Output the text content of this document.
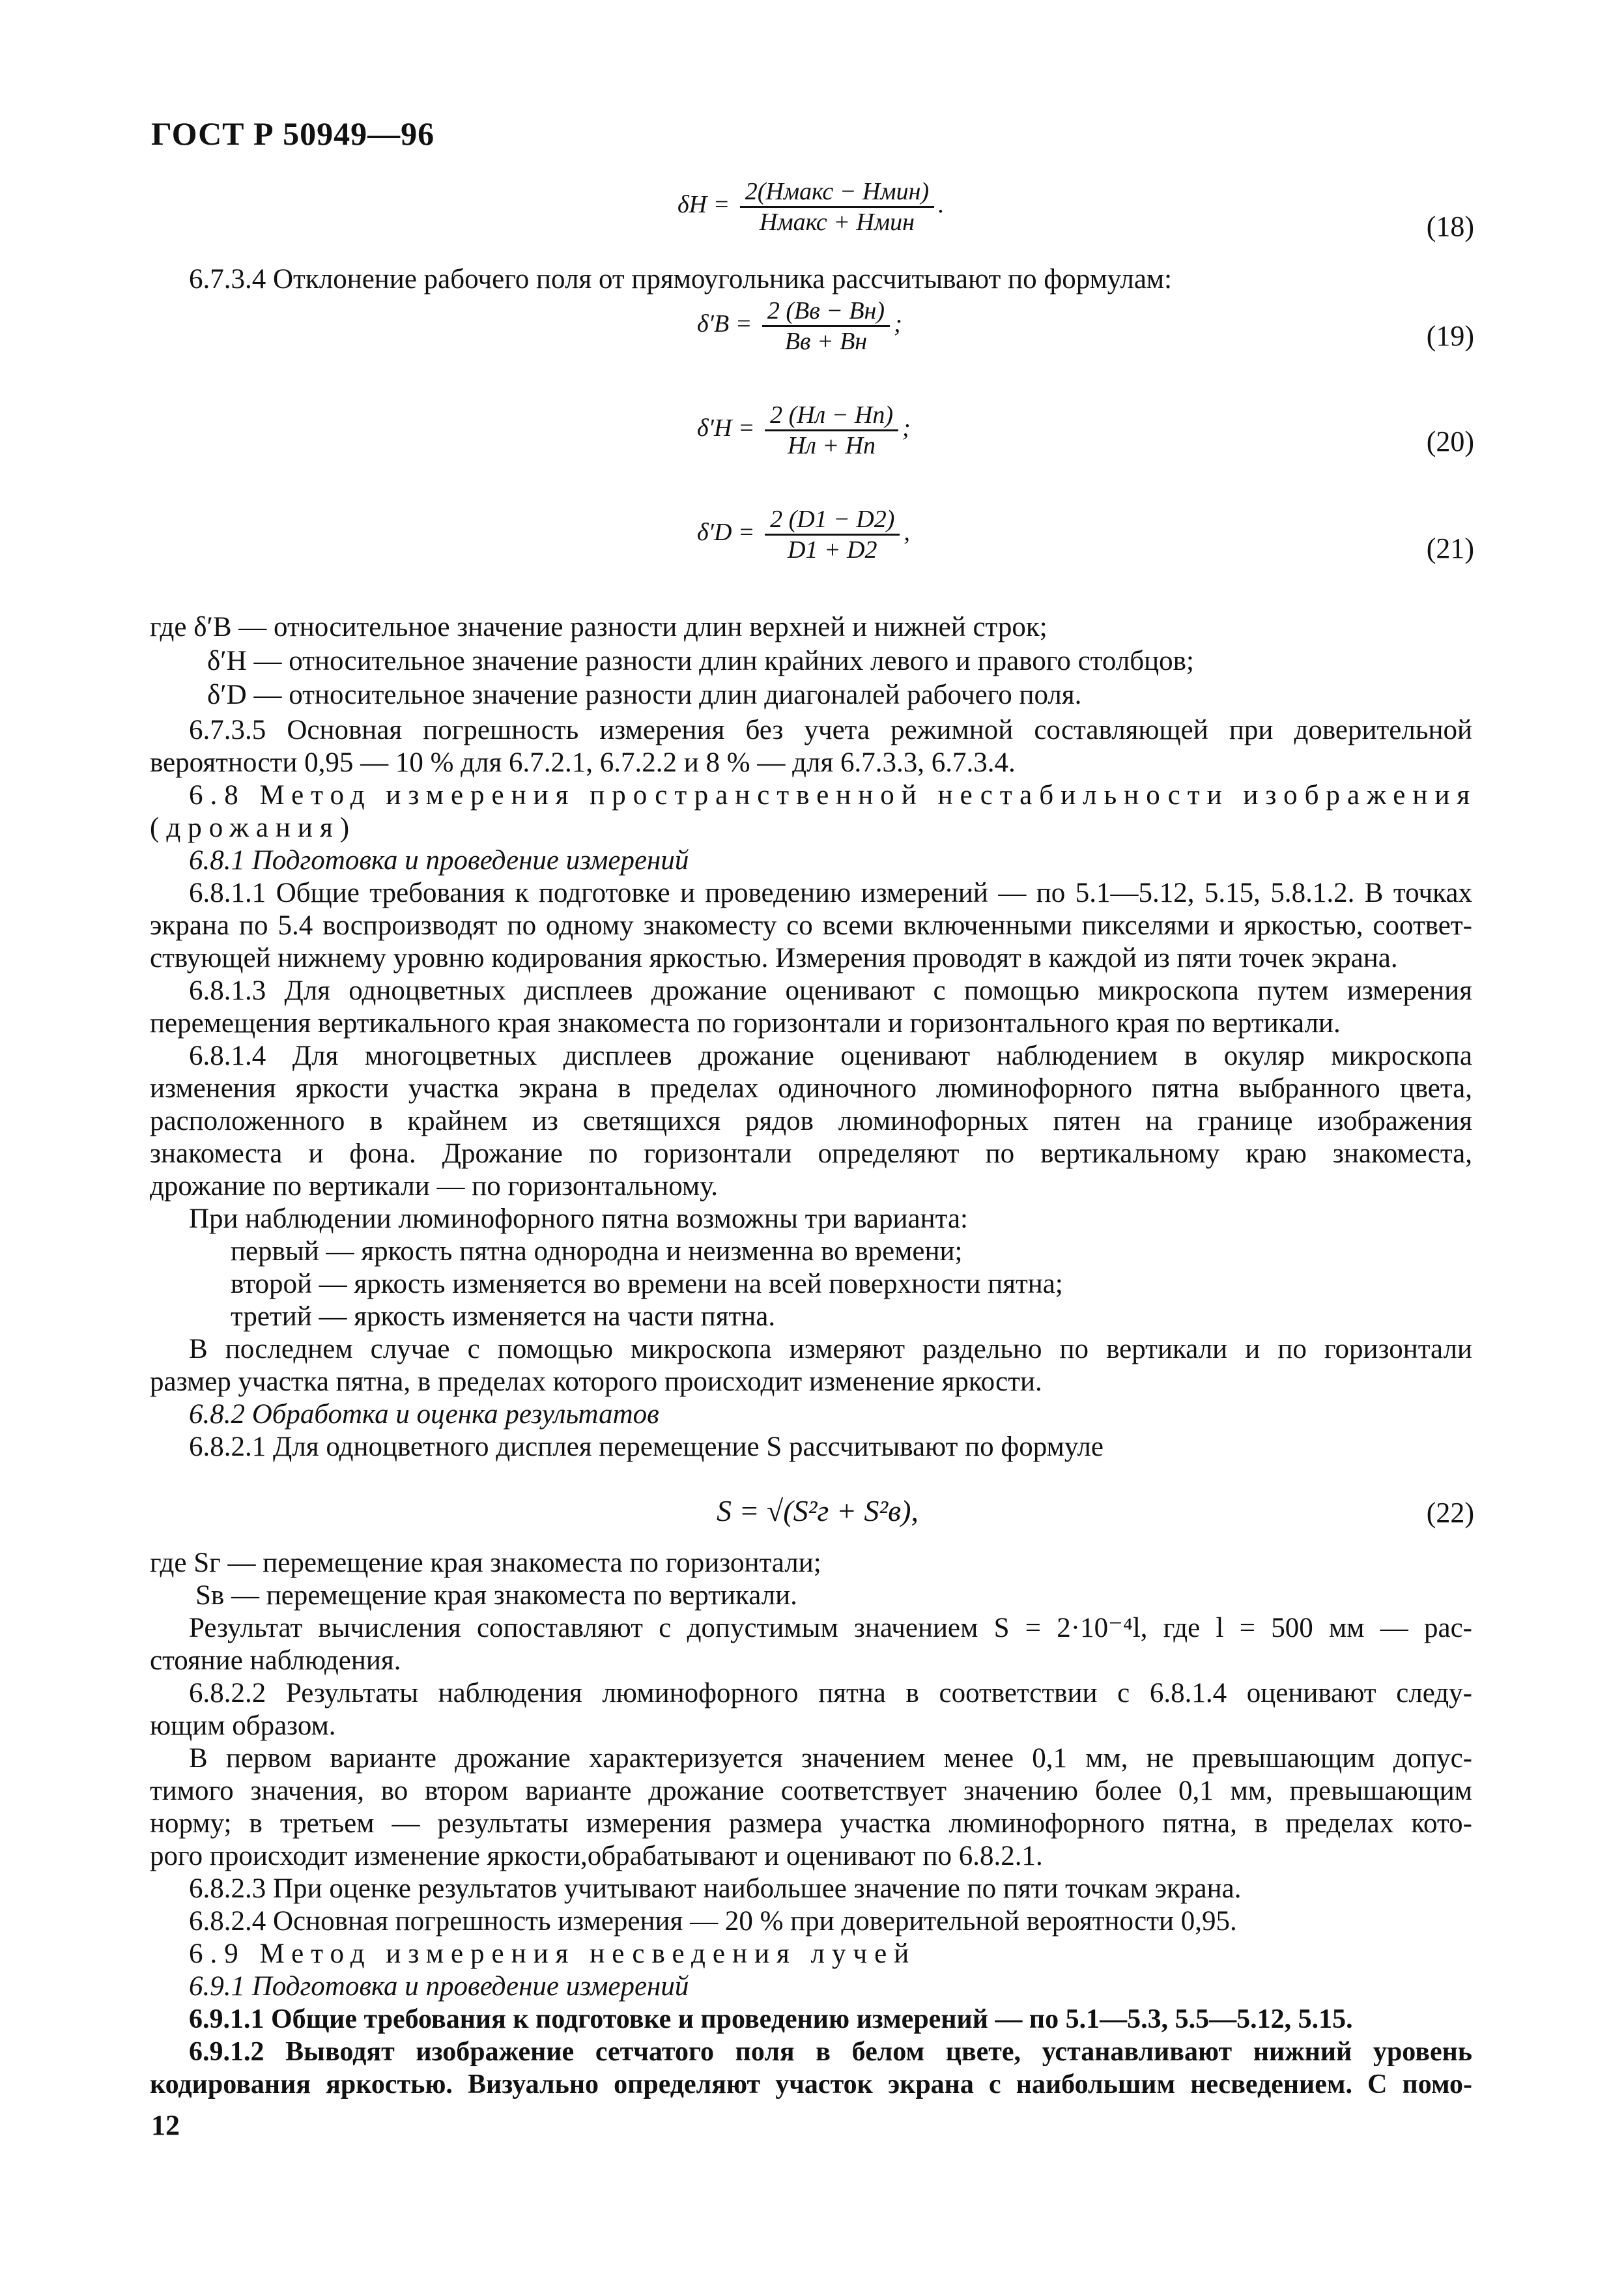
ГОСТ Р 50949—96
$\delta H = \frac{\text{2(Hмакс − Hмин)}}{\text{Hмакс + Hмин}}$ .
(18)
6.7.3.4 Отклонение рабочего поля от прямоугольника рассчитывают по формулам:
$\delta'B = \frac{2 (Bв - Bн)}{Bв + Bн}$ ;	(19)
$\delta'H = \frac{2 (Hл - Hп)}{Hл + Hп}$ ;	(20)
$\delta'D = \frac{2 (D1 - D2)}{D1 + D2}$ ,	(21)
где δ′B — относительное значение разности длин верхней и нижней строк;
δ′H — относительное значение разности длин крайних левого и правого столбцов;
δ′D — относительное значение разности длин диагоналей рабочего поля.
6.7.3.5 Основная погрешность измерения без учета режимной составляющей при доверительной
вероятности 0,95 — 10 % для 6.7.2.1, 6.7.2.2 и 8 % — для 6.7.3.3, 6.7.3.4.
6.8 Метод измерения пространственной нестабильности изображения
(дрожания)
6.8.1 Подготовка и проведение измерений
6.8.1.1 Общие требования к подготовке и проведению измерений — по 5.1—5.12, 5.15, 5.8.1.2. В точках
экрана по 5.4 воспроизводят по одному знакоместу со всеми включенными пикселями и яркостью, соответ-
ствующей нижнему уровню кодирования яркостью. Измерения проводят в каждой из пяти точек экрана.
6.8.1.3 Для одноцветных дисплеев дрожание оценивают с помощью микроскопа путем измерения
перемещения вертикального края знакоместа по горизонтали и горизонтального края по вертикали.
6.8.1.4 Для многоцветных дисплеев дрожание оценивают наблюдением в окуляр микроскопа
изменения яркости участка экрана в пределах одиночного люминофорного пятна выбранного цвета,
расположенного в крайнем из светящихся рядов люминофорных пятен на границе изображения
знакоместа и фона. Дрожание по горизонтали определяют по вертикальному краю знакоместа,
дрожание по вертикали — по горизонтальному.
При наблюдении люминофорного пятна возможны три варианта:
первый — яркость пятна однородна и неизменна во времени;
второй — яркость изменяется во времени на всей поверхности пятна;
третий — яркость изменяется на части пятна.
В последнем случае с помощью микроскопа измеряют раздельно по вертикали и по горизонтали
размер участка пятна, в пределах которого происходит изменение яркости.
6.8.2 Обработка и оценка результатов
6.8.2.1 Для одноцветного дисплея перемещение S рассчитывают по формуле
S = √(S²г + S²в),	(22)
где Sг — перемещение края знакоместа по горизонтали;
Sв — перемещение края знакоместа по вертикали.
Результат вычисления сопоставляют с допустимым значением S = 2·10⁻⁴l, где l = 500 мм — рас-
стояние наблюдения.
6.8.2.2 Результаты наблюдения люминофорного пятна в соответствии с 6.8.1.4 оценивают следу-
ющим образом.
В первом варианте дрожание характеризуется значением менее 0,1 мм, не превышающим допус-
тимого значения, во втором варианте дрожание соответствует значению более 0,1 мм, превышающим
норму; в третьем — результаты измерения размера участка люминофорного пятна, в пределах кото-
рого происходит изменение яркости,обрабатывают и оценивают по 6.8.2.1.
6.8.2.3 При оценке результатов учитывают наибольшее значение по пяти точкам экрана.
6.8.2.4 Основная погрешность измерения — 20 % при доверительной вероятности 0,95.
6.9 Метод измерения несведения лучей
6.9.1 Подготовка и проведение измерений
6.9.1.1 Общие требования к подготовке и проведению измерений — по 5.1—5.3, 5.5—5.12, 5.15.
6.9.1.2 Выводят изображение сетчатого поля в белом цвете, устанавливают нижний уровень
кодирования яркостью. Визуально определяют участок экрана с наибольшим несведением. С помо-
12
